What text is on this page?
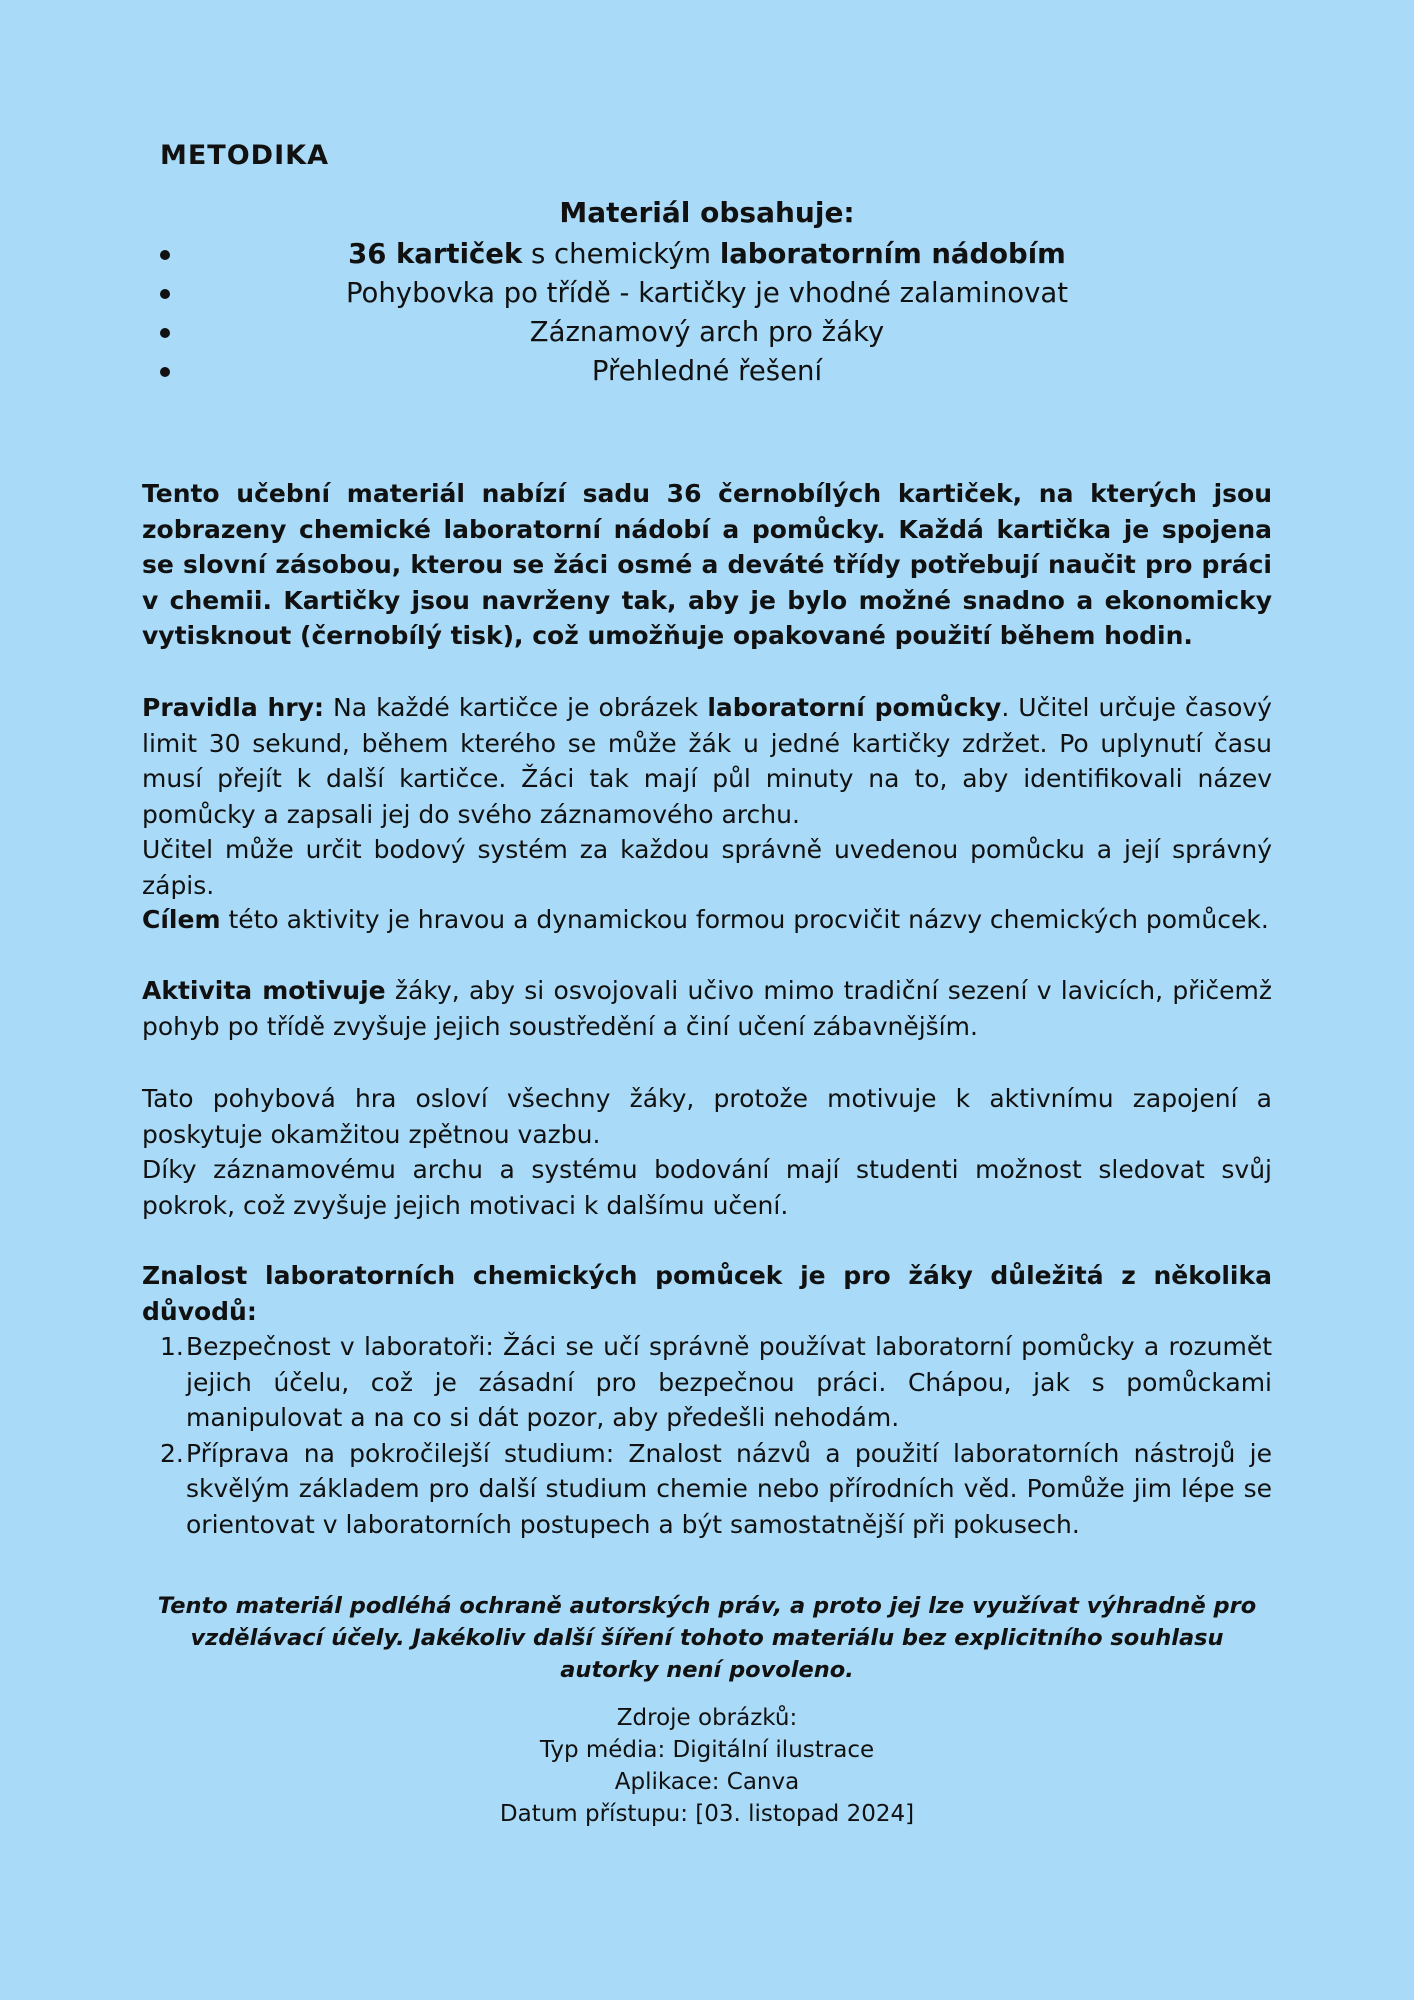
METODIKA
Materiál obsahuje:
36 kartiček s chemickým laboratorním nádobím
Pohybovka po třídě - kartičky je vhodné zalaminovat
Záznamový arch pro žáky
Přehledné řešení

Tento učební materiál nabízí sadu 36 černobílých kartiček, na kterých jsou zobrazeny chemické laboratorní nádobí a pomůcky. Každá kartička je spojena se slovní zásobou, kterou se žáci osmé a deváté třídy potřebují naučit pro práci v chemii. Kartičky jsou navrženy tak, aby je bylo možné snadno a ekonomicky vytisknout (černobílý tisk), což umožňuje opakované použití během hodin.

Pravidla hry: Na každé kartičce je obrázek laboratorní pomůcky. Učitel určuje časový limit 30 sekund, během kterého se může žák u jedné kartičky zdržet. Po uplynutí času musí přejít k další kartičce. Žáci tak mají půl minuty na to, aby identifikovali název pomůcky a zapsali jej do svého záznamového archu.

Učitel může určit bodový systém za každou správně uvedenou pomůcku a její správný zápis.

Cílem této aktivity je hravou a dynamickou formou procvičit názvy chemických pomůcek.

Aktivita motivuje žáky, aby si osvojovali učivo mimo tradiční sezení v lavicích, přičemž pohyb po třídě zvyšuje jejich soustředění a činí učení zábavnějším.

Tato pohybová hra osloví všechny žáky, protože motivuje k aktivnímu zapojení a poskytuje okamžitou zpětnou vazbu.

Díky záznamovému archu a systému bodování mají studenti možnost sledovat svůj pokrok, což zvyšuje jejich motivaci k dalšímu učení.

Znalost laboratorních chemických pomůcek je pro žáky důležitá z několika důvodů:

1. Bezpečnost v laboratoři: Žáci se učí správně používat laboratorní pomůcky a rozumět jejich účelu, což je zásadní pro bezpečnou práci. Chápou, jak s pomůckami manipulovat a na co si dát pozor, aby předešli nehodám.
2. Příprava na pokročilejší studium: Znalost názvů a použití laboratorních nástrojů je skvělým základem pro další studium chemie nebo přírodních věd. Pomůže jim lépe se orientovat v laboratorních postupech a být samostatnější při pokusech.

Tento materiál podléhá ochraně autorských práv, a proto jej lze využívat výhradně pro vzdělávací účely. Jakékoliv další šíření tohoto materiálu bez explicitního souhlasu autorky není povoleno.

Zdroje obrázků:
Typ média: Digitální ilustrace
Aplikace: Canva
Datum přístupu: [03. listopad 2024]
